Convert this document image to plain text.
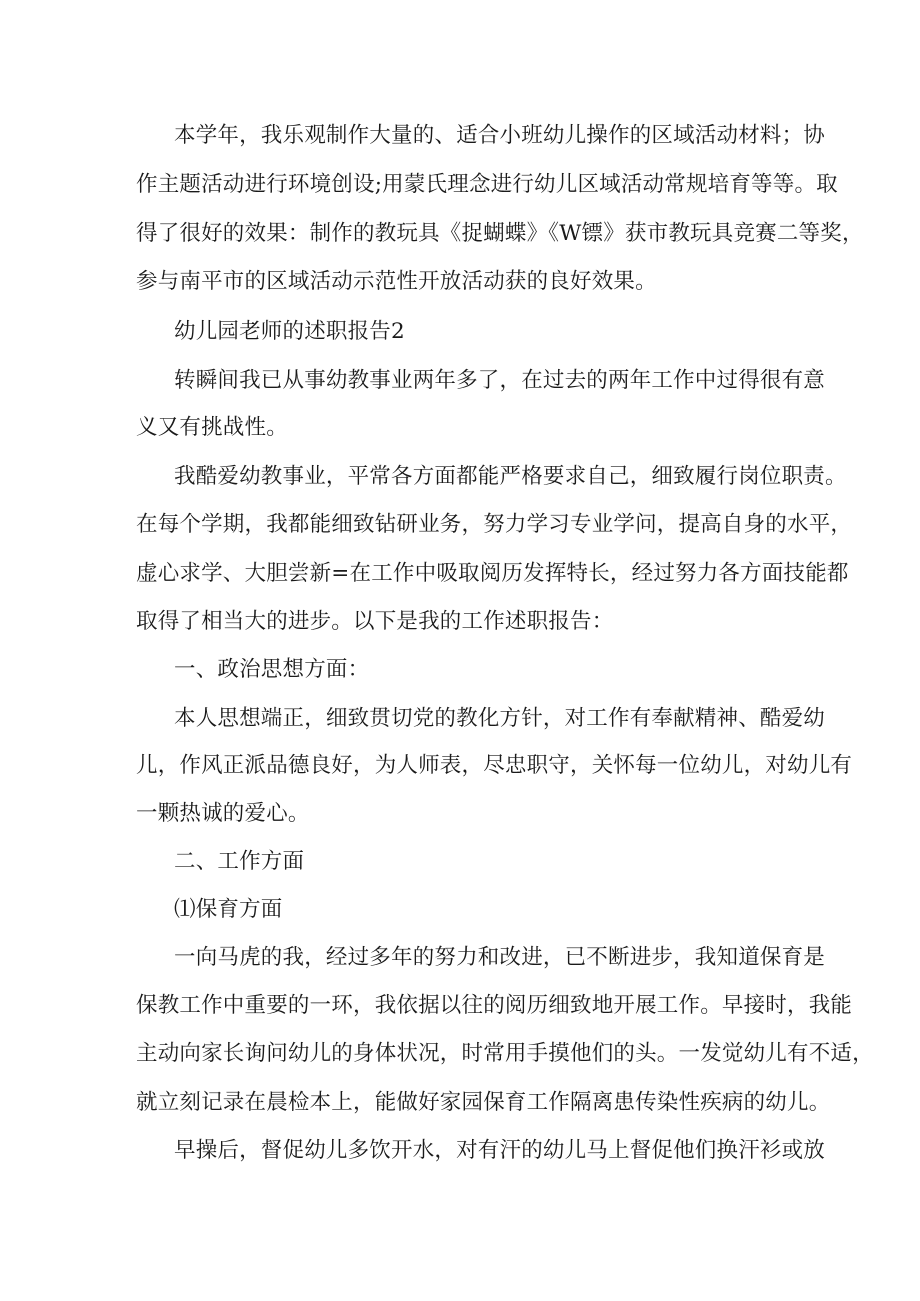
本学年，我乐观制作大量的、适合小班幼儿操作的区域活动材料；协
作主题活动进行环境创设;用蒙氏理念进行幼儿区域活动常规培育等等。取
得了很好的效果：制作的教玩具《捉蝴蝶》《W镖》获市教玩具竞赛二等奖，
参与南平市的区域活动示范性开放活动获的良好效果。
幼儿园老师的述职报告2
转瞬间我已从事幼教事业两年多了，在过去的两年工作中过得很有意
义又有挑战性。
我酷爱幼教事业，平常各方面都能严格要求自己，细致履行岗位职责。
在每个学期，我都能细致钻研业务，努力学习专业学问，提高自身的水平，
虚心求学、大胆尝新=在工作中吸取阅历发挥特长，经过努力各方面技能都
取得了相当大的进步。以下是我的工作述职报告：
一、政治思想方面：
本人思想端正，细致贯切党的教化方针，对工作有奉献精神、酷爱幼
儿，作风正派品德良好，为人师表，尽忠职守，关怀每一位幼儿，对幼儿有
一颗热诚的爱心。
二、工作方面
⑴保育方面
一向马虎的我，经过多年的努力和改进，已不断进步，我知道保育是
保教工作中重要的一环，我依据以往的阅历细致地开展工作。早接时，我能
主动向家长询问幼儿的身体状况，时常用手摸他们的头。一发觉幼儿有不适，
就立刻记录在晨检本上，能做好家园保育工作隔离患传染性疾病的幼儿。
早操后，督促幼儿多饮开水，对有汗的幼儿马上督促他们换汗衫或放
